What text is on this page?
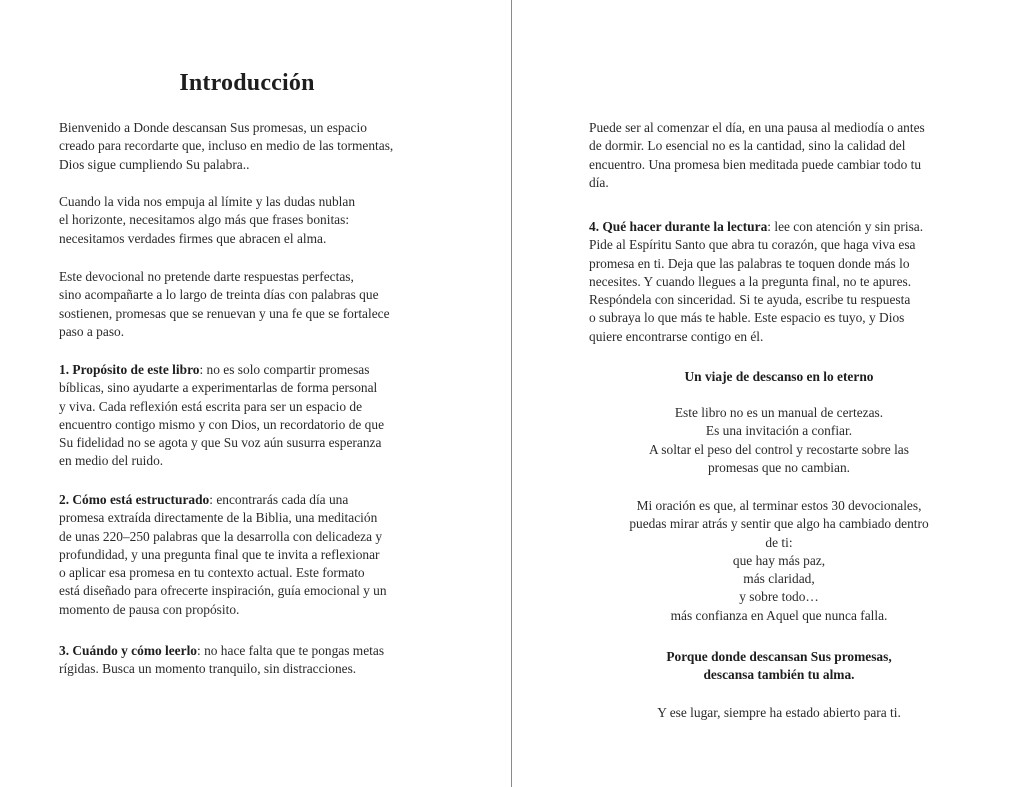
Introducción

Bienvenido a Donde descansan Sus promesas, un espacio
creado para recordarte que, incluso en medio de las tormentas,
Dios sigue cumpliendo Su palabra..

Cuando la vida nos empuja al límite y las dudas nublan
el horizonte, necesitamos algo más que frases bonitas:
necesitamos verdades firmes que abracen el alma.

Este devocional no pretende darte respuestas perfectas,
sino acompañarte a lo largo de treinta días con palabras que
sostienen, promesas que se renuevan y una fe que se fortalece
paso a paso.

1. Propósito de este libro: no es solo compartir promesas
bíblicas, sino ayudarte a experimentarlas de forma personal
y viva. Cada reflexión está escrita para ser un espacio de
encuentro contigo mismo y con Dios, un recordatorio de que
Su fidelidad no se agota y que Su voz aún susurra esperanza
en medio del ruido.

2. Cómo está estructurado: encontrarás cada día una
promesa extraída directamente de la Biblia, una meditación
de unas 220–250 palabras que la desarrolla con delicadeza y
profundidad, y una pregunta final que te invita a reflexionar
o aplicar esa promesa en tu contexto actual. Este formato
está diseñado para ofrecerte inspiración, guía emocional y un
momento de pausa con propósito.

3. Cuándo y cómo leerlo: no hace falta que te pongas metas
rígidas. Busca un momento tranquilo, sin distracciones.

Puede ser al comenzar el día, en una pausa al mediodía o antes
de dormir. Lo esencial no es la cantidad, sino la calidad del
encuentro. Una promesa bien meditada puede cambiar todo tu
día.

4. Qué hacer durante la lectura: lee con atención y sin prisa.
Pide al Espíritu Santo que abra tu corazón, que haga viva esa
promesa en ti. Deja que las palabras te toquen donde más lo
necesites. Y cuando llegues a la pregunta final, no te apures.
Respóndela con sinceridad. Si te ayuda, escribe tu respuesta
o subraya lo que más te hable. Este espacio es tuyo, y Dios
quiere encontrarse contigo en él.

Un viaje de descanso en lo eterno

Este libro no es un manual de certezas.
Es una invitación a confiar.
A soltar el peso del control y recostarte sobre las
promesas que no cambian.

Mi oración es que, al terminar estos 30 devocionales,
puedas mirar atrás y sentir que algo ha cambiado dentro
de ti:
que hay más paz,
más claridad,
y sobre todo…
más confianza en Aquel que nunca falla.

Porque donde descansan Sus promesas,
descansa también tu alma.

Y ese lugar, siempre ha estado abierto para ti.
